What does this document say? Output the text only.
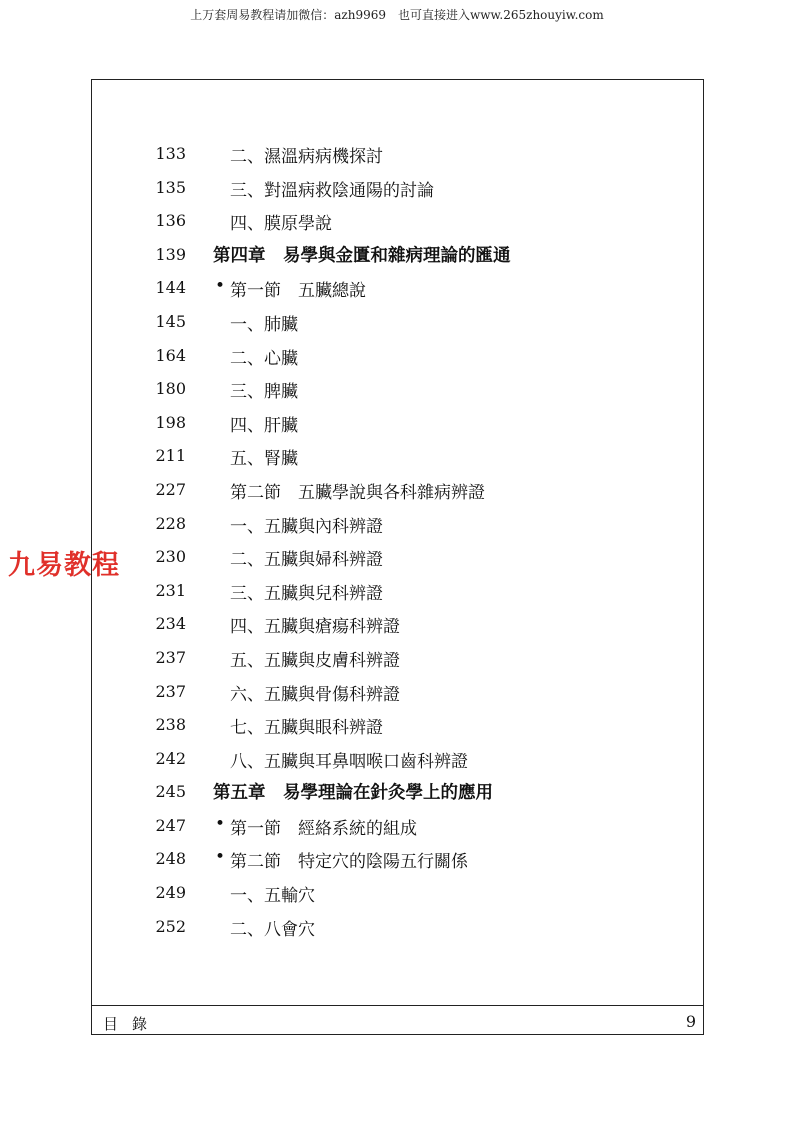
上万套周易教程请加微信：azh9969　也可直接进入www.265zhouyiw.com
目錄	9
九易教程
133	二、濕溫病病機探討
135	三、對溫病救陰通陽的討論
136	四、膜原學說
139 第四章　易學與金匱和雜病理論的匯通
144 • 第一節　五臟總說
145	一、肺臟
164	二、心臟
180	三、脾臟
198	四、肝臟
211	五、腎臟
227	第二節　五臟學說與各科雜病辨證
228	一、五臟與內科辨證
230	二、五臟與婦科辨證
231	三、五臟與兒科辨證
234	四、五臟與瘡瘍科辨證
237	五、五臟與皮膚科辨證
237	六、五臟與骨傷科辨證
238	七、五臟與眼科辨證
242	八、五臟與耳鼻咽喉口齒科辨證
245 第五章　易學理論在針灸學上的應用
247 • 第一節　經絡系統的組成
248 • 第二節　特定穴的陰陽五行關係
249	一、五輸穴
252	二、八會穴
